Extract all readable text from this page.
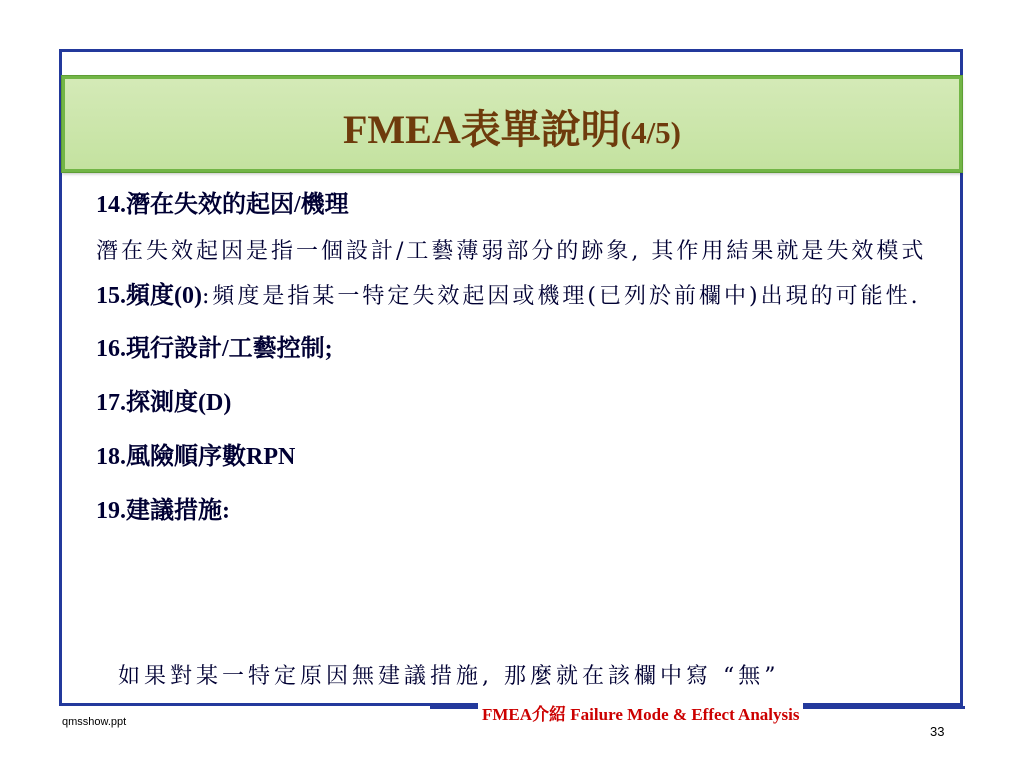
FMEA表單說明(4/5)
14.潛在失效的起因/機理
潛在失效起因是指一個設計/工藝薄弱部分的跡象, 其作用結果就是失效模式
15.頻度(0):頻度是指某一特定失效起因或機理(已列於前欄中)出現的可能性.
16.現行設計/工藝控制;
17.探測度(D)
18.風險順序數RPN
19.建議措施:
如果對某一特定原因無建議措施, 那麼就在該欄中寫 “無”
FMEA介紹 Failure Mode & Effect Analysis
qmsshow.ppt
33
